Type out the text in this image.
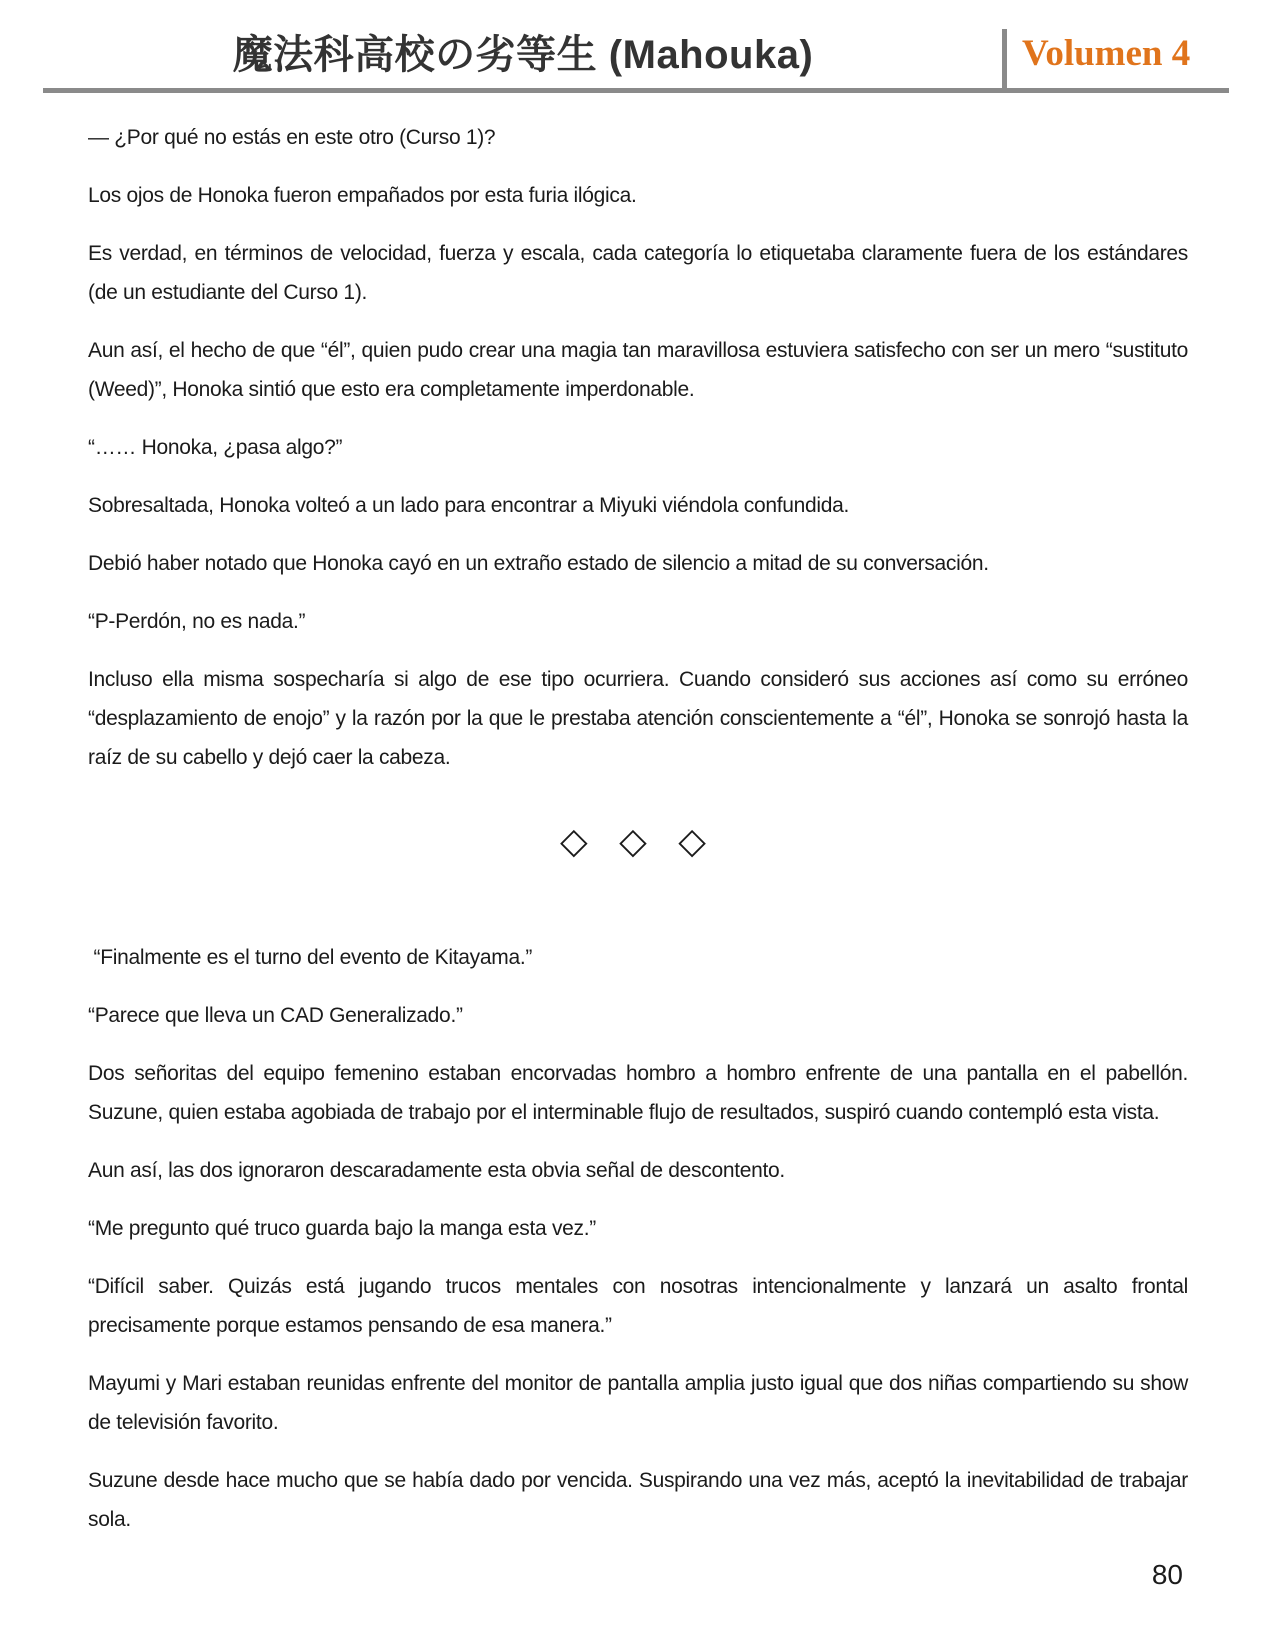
魔法科高校の劣等生 (Mahouka)	Volumen 4

— ¿Por qué no estás en este otro (Curso 1)?

Los ojos de Honoka fueron empañados por esta furia ilógica.

Es verdad, en términos de velocidad, fuerza y escala, cada categoría lo etiquetaba claramente fuera de los estándares (de un estudiante del Curso 1).

Aun así, el hecho de que “él”, quien pudo crear una magia tan maravillosa estuviera satisfecho con ser un mero “sustituto (Weed)”, Honoka sintió que esto era completamente imperdonable.

“…… Honoka, ¿pasa algo?”

Sobresaltada, Honoka volteó a un lado para encontrar a Miyuki viéndola confundida.

Debió haber notado que Honoka cayó en un extraño estado de silencio a mitad de su conversación.

“P-Perdón, no es nada.”

Incluso ella misma sospecharía si algo de ese tipo ocurriera. Cuando consideró sus acciones así como su erróneo “desplazamiento de enojo” y la razón por la que le prestaba atención conscientemente a “él”, Honoka se sonrojó hasta la raíz de su cabello y dejó caer la cabeza.

◇ ◇ ◇

“Finalmente es el turno del evento de Kitayama.”

“Parece que lleva un CAD Generalizado.”

Dos señoritas del equipo femenino estaban encorvadas hombro a hombro enfrente de una pantalla en el pabellón. Suzune, quien estaba agobiada de trabajo por el interminable flujo de resultados, suspiró cuando contempló esta vista.

Aun así, las dos ignoraron descaradamente esta obvia señal de descontento.

“Me pregunto qué truco guarda bajo la manga esta vez.”

“Difícil saber. Quizás está jugando trucos mentales con nosotras intencionalmente y lanzará un asalto frontal precisamente porque estamos pensando de esa manera.”

Mayumi y Mari estaban reunidas enfrente del monitor de pantalla amplia justo igual que dos niñas compartiendo su show de televisión favorito.

Suzune desde hace mucho que se había dado por vencida. Suspirando una vez más, aceptó la inevitabilidad de trabajar sola.

80
